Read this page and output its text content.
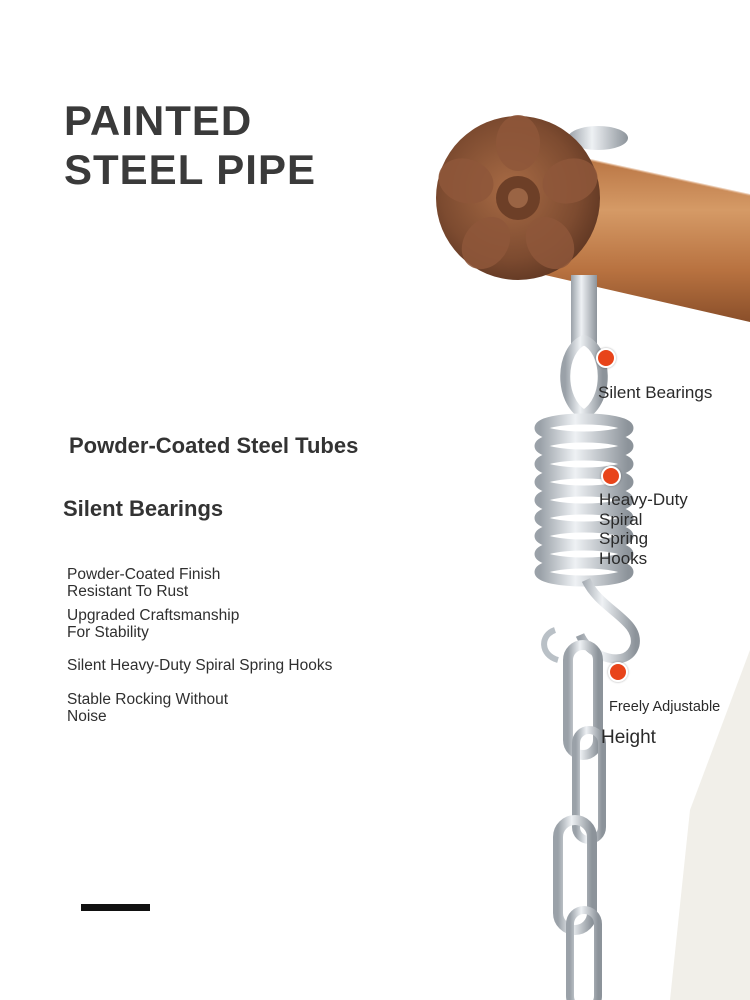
PAINTED
STEEL PIPE

Powder-Coated Steel Tubes

Silent Bearings

Powder-Coated Finish
Resistant To Rust

Upgraded Craftsmanship
For Stability

Silent Heavy-Duty Spiral Spring Hooks

Stable Rocking Without
Noise

Silent Bearings

Heavy-Duty
Spiral
Spring
Hooks

Freely Adjustable

Height
